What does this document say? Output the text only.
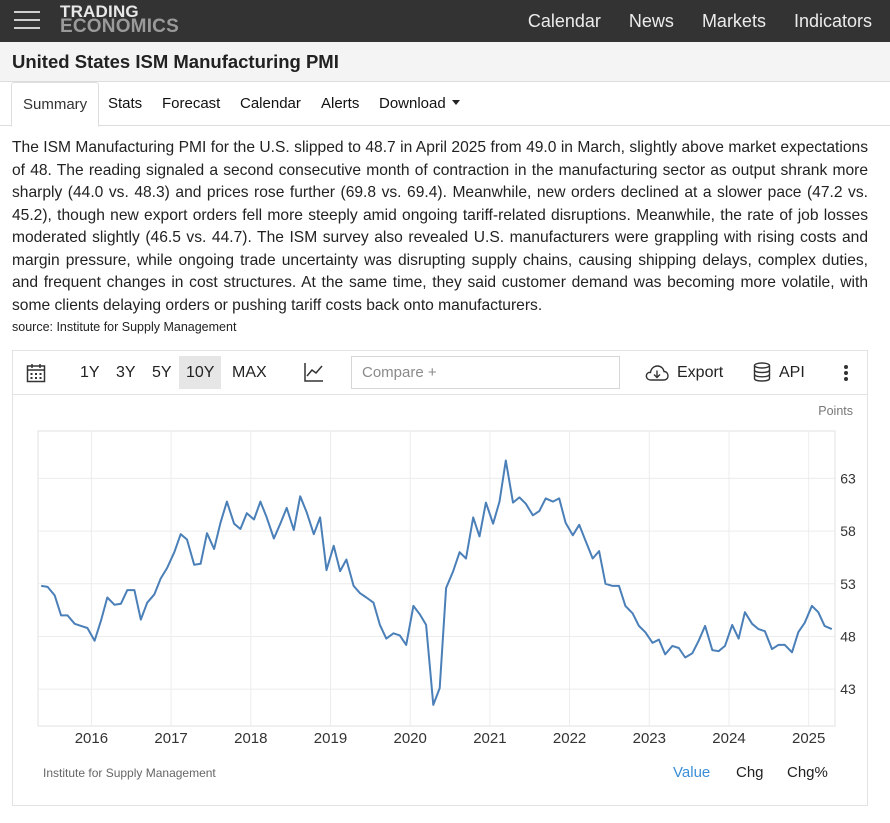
TRADING
ECONOMICS	Calendar News Markets Indicators
United States ISM Manufacturing PMI
Summary	Stats Forecast Calendar Alerts Download

The ISM Manufacturing PMI for the U.S. slipped to 48.7 in April 2025 from 49.0 in March, slightly above market expectations of 48. The reading signaled a second consecutive month of contraction in the manufacturing sector as output shrank more sharply (44.0 vs. 48.3) and prices rose further (69.8 vs. 69.4). Meanwhile, new orders declined at a slower pace (47.2 vs. 45.2), though new export orders fell more steeply amid ongoing tariff-related disruptions. Meanwhile, the rate of job losses moderated slightly (46.5 vs. 44.7). The ISM survey also revealed U.S. manufacturers were grappling with rising costs and margin pressure, while ongoing trade uncertainty was disrupting supply chains, causing shipping delays, complex duties, and frequent changes in cost structures. At the same time, they said customer demand was becoming more volatile, with some clients delaying orders or pushing tariff costs back onto manufacturers.

source: Institute for Supply Management
1Y	3Y	5Y 10Y	MAX
Compare +	Export	API
43
48
53
58
63
2016	2017	2018	2019	2020	2021	2022	2023	2024	2025
Points
Institute for Supply Management	Value Chg Chg%
